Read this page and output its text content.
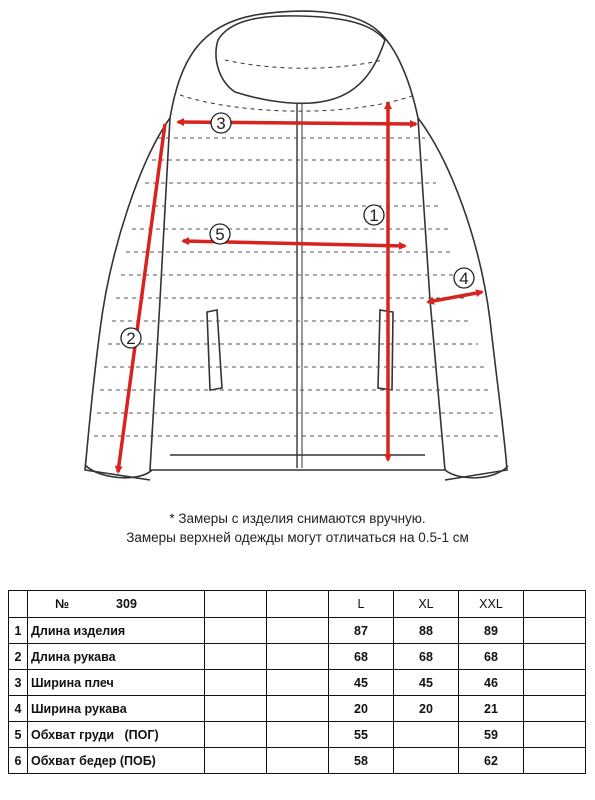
1
2
3
4
5
* Замеры с изделия снимаются вручную.
Замеры верхней одежды могут отличаться на 0.5-1 см
	№ 309			L	XL	XXL	
1	Длина изделия			87	88	89	
2	Длина рукава			68	68	68	
3	Ширина плеч			45	45	46	
4	Ширина рукава			20	20	21	
5	Обхват груди   (ПОГ)			55		59	
6	Обхват бедер (ПОБ)			58		62	
